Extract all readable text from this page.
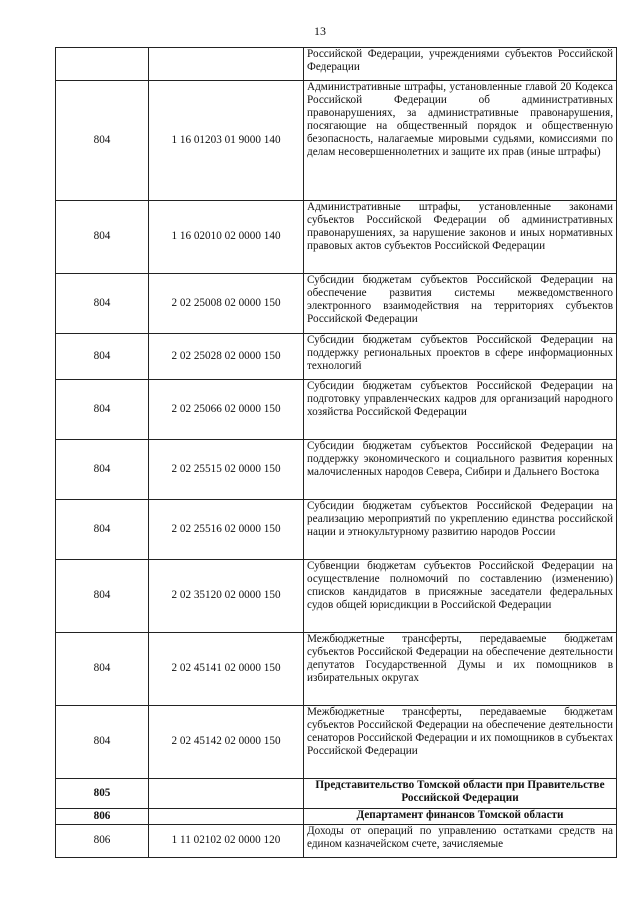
13
		Российской Федерации, учреждениями субъектов Российской Федерации
804	1 16 01203 01 9000 140	Административные штрафы, установленные главой 20 Кодекса Российской Федерации об административных правонарушениях, за административные правонарушения, посягающие на общественный порядок и общественную безопасность, налагаемые мировыми судьями, комиссиями по делам несовершеннолетних и защите их прав (иные штрафы)
804	1 16 02010 02 0000 140	Административные штрафы, установленные законами субъектов Российской Федерации об административных правонарушениях, за нарушение законов и иных нормативных правовых актов субъектов Российской Федерации
804	2 02 25008 02 0000 150	Субсидии бюджетам субъектов Российской Федерации на обеспечение развития системы межведомственного электронного взаимодействия на территориях субъектов Российской Федерации
804	2 02 25028 02 0000 150	Субсидии бюджетам субъектов Российской Федерации на поддержку региональных проектов в сфере информационных технологий
804	2 02 25066 02 0000 150	Субсидии бюджетам субъектов Российской Федерации на подготовку управленческих кадров для организаций народного хозяйства Российской Федерации
804	2 02 25515 02 0000 150	Субсидии бюджетам субъектов Российской Федерации на поддержку экономического и социального развития коренных малочисленных народов Севера, Сибири и Дальнего Востока
804	2 02 25516 02 0000 150	Субсидии бюджетам субъектов Российской Федерации на реализацию мероприятий по укреплению единства российской нации и этнокультурному развитию народов России
804	2 02 35120 02 0000 150	Субвенции бюджетам субъектов Российской Федерации на осуществление полномочий по составлению (изменению) списков кандидатов в присяжные заседатели федеральных судов общей юрисдикции в Российской Федерации
804	2 02 45141 02 0000 150	Межбюджетные трансферты, передаваемые бюджетам субъектов Российской Федерации на обеспечение деятельности депутатов Государственной Думы и их помощников в избирательных округах
804	2 02 45142 02 0000 150	Межбюджетные трансферты, передаваемые бюджетам субъектов Российской Федерации на обеспечение деятельности сенаторов Российской Федерации и их помощников в субъектах Российской Федерации
805		Представительство Томской области при Правительстве Российской Федерации
806		Департамент финансов Томской области
806	1 11 02102 02 0000 120	Доходы от операций по управлению остатками средств на едином казначейском счете, зачисляемые
